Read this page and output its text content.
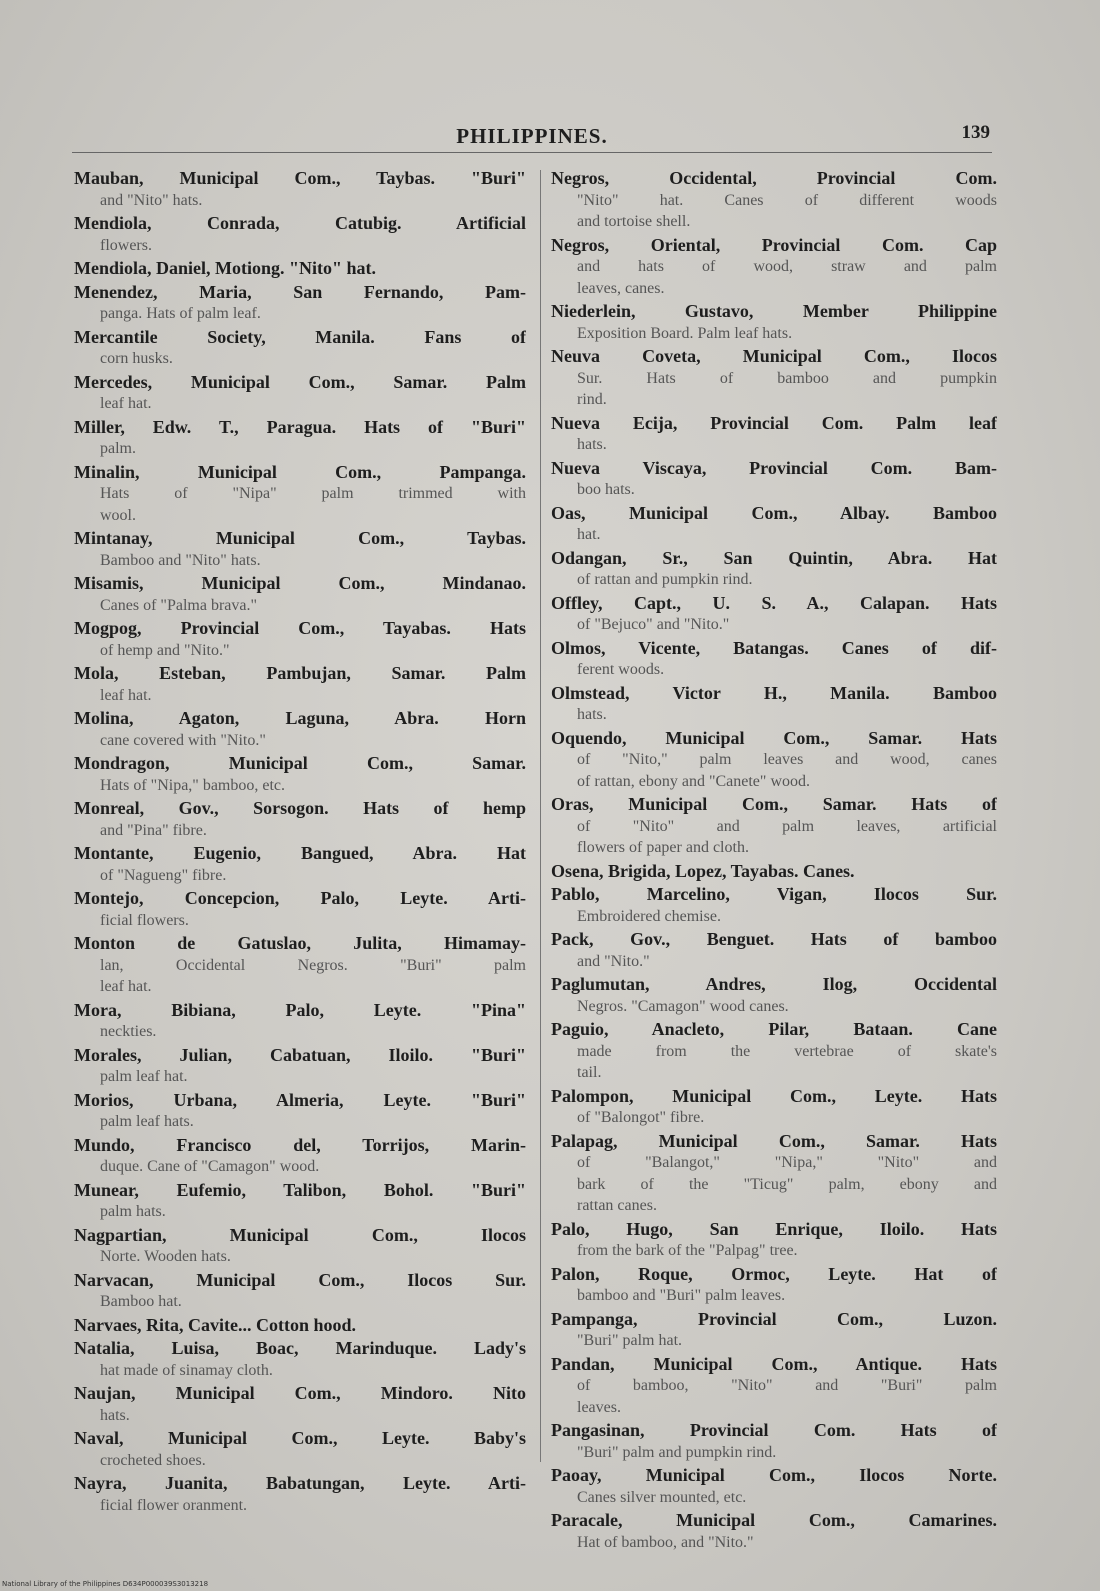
PHILIPPINES.	139
Mauban, Municipal Com., Taybas. "Buri"
and "Nito" hats.
Mendiola, Conrada, Catubig. Artificial
flowers.
Mendiola, Daniel, Motiong. "Nito" hat.
Menendez, Maria, San Fernando, Pam-
panga. Hats of palm leaf.
Mercantile Society, Manila. Fans of
corn husks.
Mercedes, Municipal Com., Samar. Palm
leaf hat.
Miller, Edw. T., Paragua. Hats of "Buri"
palm.
Minalin, Municipal Com., Pampanga.
Hats of "Nipa" palm trimmed with
wool.
Mintanay, Municipal Com., Taybas.
Bamboo and "Nito" hats.
Misamis, Municipal Com., Mindanao.
Canes of "Palma brava."
Mogpog, Provincial Com., Tayabas. Hats
of hemp and "Nito."
Mola, Esteban, Pambujan, Samar. Palm
leaf hat.
Molina, Agaton, Laguna, Abra. Horn
cane covered with "Nito."
Mondragon, Municipal Com., Samar.
Hats of "Nipa," bamboo, etc.
Monreal, Gov., Sorsogon. Hats of hemp
and "Pina" fibre.
Montante, Eugenio, Bangued, Abra. Hat
of "Nagueng" fibre.
Montejo, Concepcion, Palo, Leyte. Arti-
ficial flowers.
Monton de Gatuslao, Julita, Himamay-
lan, Occidental Negros. "Buri" palm
leaf hat.
Mora, Bibiana, Palo, Leyte. "Pina"
neckties.
Morales, Julian, Cabatuan, Iloilo. "Buri"
palm leaf hat.
Morios, Urbana, Almeria, Leyte. "Buri"
palm leaf hats.
Mundo, Francisco del, Torrijos, Marin-
duque. Cane of "Camagon" wood.
Munear, Eufemio, Talibon, Bohol. "Buri"
palm hats.
Nagpartian, Municipal Com., Ilocos
Norte. Wooden hats.
Narvacan, Municipal Com., Ilocos Sur.
Bamboo hat.
Narvaes, Rita, Cavite... Cotton hood.
Natalia, Luisa, Boac, Marinduque. Lady's
hat made of sinamay cloth.
Naujan, Municipal Com., Mindoro. Nito
hats.
Naval, Municipal Com., Leyte. Baby's
crocheted shoes.
Nayra, Juanita, Babatungan, Leyte. Arti-
ficial flower oranment.
Negros, Occidental, Provincial Com.
"Nito" hat. Canes of different woods
and tortoise shell.
Negros, Oriental, Provincial Com. Cap
and hats of wood, straw and palm
leaves, canes.
Niederlein, Gustavo, Member Philippine
Exposition Board. Palm leaf hats.
Neuva Coveta, Municipal Com., Ilocos
Sur. Hats of bamboo and pumpkin
rind.
Nueva Ecija, Provincial Com. Palm leaf
hats.
Nueva Viscaya, Provincial Com. Bam-
boo hats.
Oas, Municipal Com., Albay. Bamboo
hat.
Odangan, Sr., San Quintin, Abra. Hat
of rattan and pumpkin rind.
Offley, Capt., U. S. A., Calapan. Hats
of "Bejuco" and "Nito."
Olmos, Vicente, Batangas. Canes of dif-
ferent woods.
Olmstead, Victor H., Manila. Bamboo
hats.
Oquendo, Municipal Com., Samar. Hats
of "Nito," palm leaves and wood, canes
of rattan, ebony and "Canete" wood.
Oras, Municipal Com., Samar. Hats of
of "Nito" and palm leaves, artificial
flowers of paper and cloth.
Osena, Brigida, Lopez, Tayabas. Canes.
Pablo, Marcelino, Vigan, Ilocos Sur.
Embroidered chemise.
Pack, Gov., Benguet. Hats of bamboo
and "Nito."
Paglumutan, Andres, Ilog, Occidental
Negros. "Camagon" wood canes.
Paguio, Anacleto, Pilar, Bataan. Cane
made from the vertebrae of skate's
tail.
Palompon, Municipal Com., Leyte. Hats
of "Balongot" fibre.
Palapag, Municipal Com., Samar. Hats
of "Balangot," "Nipa," "Nito" and
bark of the "Ticug" palm, ebony and
rattan canes.
Palo, Hugo, San Enrique, Iloilo. Hats
from the bark of the "Palpag" tree.
Palon, Roque, Ormoc, Leyte. Hat of
bamboo and "Buri" palm leaves.
Pampanga, Provincial Com., Luzon.
"Buri" palm hat.
Pandan, Municipal Com., Antique. Hats
of bamboo, "Nito" and "Buri" palm
leaves.
Pangasinan, Provincial Com. Hats of
"Buri" palm and pumpkin rind.
Paoay, Municipal Com., Ilocos Norte.
Canes silver mounted, etc.
Paracale, Municipal Com., Camarines.
Hat of bamboo, and "Nito."
National Library of the Philippines D634P000039S3013218
